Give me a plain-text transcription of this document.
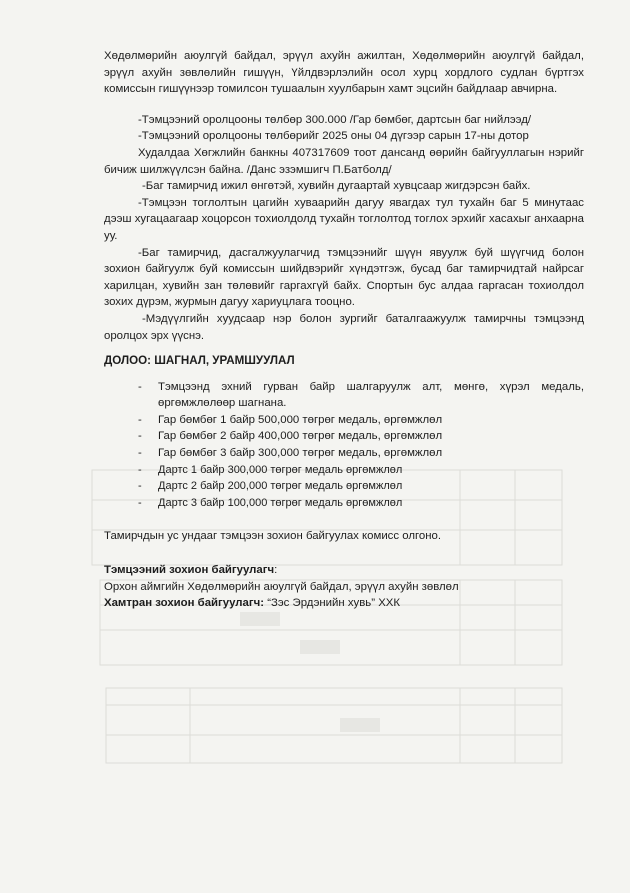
Хөдөлмөрийн аюулгүй байдал, эрүүл ахуйн ажилтан, Хөдөлмөрийн аюулгүй байдал, эрүүл ахуйн зөвлөлийн гишүүн, Үйлдвэрлэлийн осол хурц хордлого судлан бүртгэх комиссын гишүүнээр томилсон тушаалын хуулбарын хамт эцсийн байдлаар авчирна.

-Тэмцээний оролцооны төлбөр 300.000 /Гар бөмбөг, дартсын баг нийлээд/

-Тэмцээний оролцооны төлбөрийг 2025 оны 04 дүгээр сарын 17-ны дотор

Худалдаа Хөгжлийн банкны 407317609 тоот дансанд өөрийн байгууллагын нэрийг бичиж шилжүүлсэн байна. /Данс эзэмшигч П.Батболд/

-Баг тамирчид ижил өнгөтэй, хувийн дугаартай хувцсаар жигдэрсэн байх.

-Тэмцээн тоглолтын цагийн хуваарийн дагуу явагдах тул тухайн баг 5 минутаас дээш хугацаагаар хоцорсон тохиолдолд тухайн тоглолтод тоглох эрхийг хасахыг анхаарна уу.

-Баг тамирчид, дасгалжуулагчид тэмцээнийг шүүн явуулж буй шүүгчид болон зохион байгуулж буй комиссын шийдвэрийг хүндэтгэж, бусад баг тамирчидтай найрсаг харилцан, хувийн зан төлөвийг гаргахгүй байх. Спортын бус алдаа гаргасан тохиолдол зохих дүрэм, журмын дагуу хариуцлага тооцно.

-Мэдүүлгийн хуудсаар нэр болон зургийг баталгаажуулж тамирчны тэмцээнд оролцох эрх үүснэ.

ДОЛОО: ШАГНАЛ, УРАМШУУЛАЛ

- Тэмцээнд эхний гурван байр шалгаруулж алт, мөнгө, хүрэл медаль, өргөмжлөлөөр шагнана.
- Гар бөмбөг 1 байр 500,000 төгрөг медаль, өргөмжлөл
- Гар бөмбөг 2 байр 400,000 төгрөг медаль, өргөмжлөл
- Гар бөмбөг 3 байр 300,000 төгрөг медаль, өргөмжлөл
- Дартс 1 байр 300,000 төгрөг медаль өргөмжлөл
- Дартс 2 байр 200,000 төгрөг медаль өргөмжлөл
- Дартс 3 байр 100,000 төгрөг медаль өргөмжлөл

Тамирчдын ус ундааг тэмцээн зохион байгуулах комисс олгоно.

Тэмцээний зохион байгуулагч:

Орхон аймгийн Хөдөлмөрийн аюулгүй байдал, эрүүл ахуйн зөвлөл

Хамтран зохион байгуулагч: “Зэс Эрдэнийн хувь” ХХК
